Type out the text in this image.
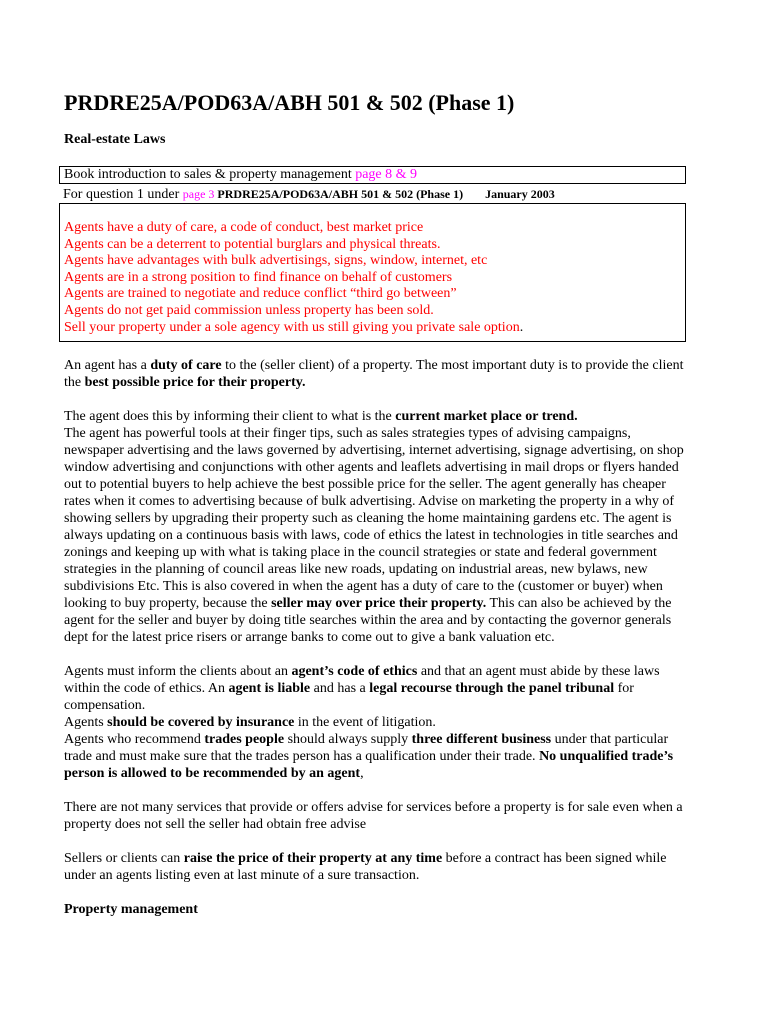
PRDRE25A/POD63A/ABH 501 & 502 (Phase 1)

Real-estate Laws

Book introduction to sales & property management page 8 & 9
For question 1 under page 3 PRDRE25A/POD63A/ABH 501 & 502 (Phase 1) January 2003
Agents have a duty of care, a code of conduct, best market price
Agents can be a deterrent to potential burglars and physical threats.
Agents have advantages with bulk advertisings, signs, window, internet, etc
Agents are in a strong position to find finance on behalf of customers
Agents are trained to negotiate and reduce conflict “third go between”
Agents do not get paid commission unless property has been sold.
Sell your property under a sole agency with us still giving you private sale option.

An agent has a duty of care to the (seller client) of a property. The most important duty is to provide the client the best possible price for their property.

The agent does this by informing their client to what is the current market place or trend.
The agent has powerful tools at their finger tips, such as sales strategies types of advising campaigns, newspaper advertising and the laws governed by advertising, internet advertising, signage advertising, on shop window advertising and conjunctions with other agents and leaflets advertising in mail drops or flyers handed out to potential buyers to help achieve the best possible price for the seller. The agent generally has cheaper rates when it comes to advertising because of bulk advertising. Advise on marketing the property in a why of showing sellers by upgrading their property such as cleaning the home maintaining gardens etc. The agent is always updating on a continuous basis with laws, code of ethics the latest in technologies in title searches and zonings and keeping up with what is taking place in the council strategies or state and federal government strategies in the planning of council areas like new roads, updating on industrial areas, new bylaws, new subdivisions Etc. This is also covered in when the agent has a duty of care to the (customer or buyer) when looking to buy property, because the seller may over price their property. This can also be achieved by the agent for the seller and buyer by doing title searches within the area and by contacting the governor generals dept for the latest price risers or arrange banks to come out to give a bank valuation etc.

Agents must inform the clients about an agent’s code of ethics and that an agent must abide by these laws within the code of ethics. An agent is liable and has a legal recourse through the panel tribunal for compensation.
Agents should be covered by insurance in the event of litigation.
Agents who recommend trades people should always supply three different business under that particular trade and must make sure that the trades person has a qualification under their trade. No unqualified trade’s person is allowed to be recommended by an agent,

There are not many services that provide or offers advise for services before a property is for sale even when a property does not sell the seller had obtain free advise

Sellers or clients can raise the price of their property at any time before a contract has been signed while under an agents listing even at last minute of a sure transaction.

Property management
